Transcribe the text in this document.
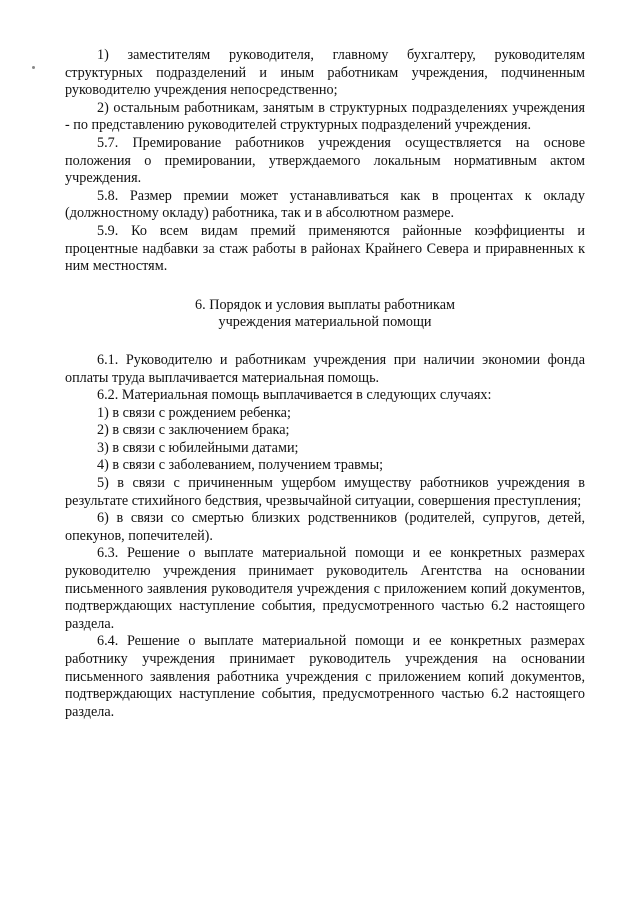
1) заместителям руководителя, главному бухгалтеру, руководителям структурных подразделений и иным работникам учреждения, подчиненным руководителю учреждения непосредственно;

2) остальным работникам, занятым в структурных подразделениях учреждения - по представлению руководителей структурных подразделений учреждения.

5.7. Премирование работников учреждения осуществляется на основе положения о премировании, утверждаемого локальным нормативным актом учреждения.

5.8. Размер премии может устанавливаться как в процентах к окладу (должностному окладу) работника, так и в абсолютном размере.

5.9. Ко всем видам премий применяются районные коэффициенты и процентные надбавки за стаж работы в районах Крайнего Севера и приравненных к ним местностям.

6. Порядок и условия выплаты работникам
учреждения материальной помощи

6.1. Руководителю и работникам учреждения при наличии экономии фонда оплаты труда выплачивается материальная помощь.

6.2. Материальная помощь выплачивается в следующих случаях:

1) в связи с рождением ребенка;

2) в связи с заключением брака;

3) в связи с юбилейными датами;

4) в связи с заболеванием, получением травмы;

5) в связи с причиненным ущербом имуществу работников учреждения в результате стихийного бедствия, чрезвычайной ситуации, совершения преступления;

6) в связи со смертью близких родственников (родителей, супругов, детей, опекунов, попечителей).

6.3. Решение о выплате материальной помощи и ее конкретных размерах руководителю учреждения принимает руководитель Агентства на основании письменного заявления руководителя учреждения с приложением копий документов, подтверждающих наступление события, предусмотренного частью 6.2 настоящего раздела.

6.4. Решение о выплате материальной помощи и ее конкретных размерах работнику учреждения принимает руководитель учреждения на основании письменного заявления работника учреждения с приложением копий документов, подтверждающих наступление события, предусмотренного частью 6.2 настоящего раздела.
